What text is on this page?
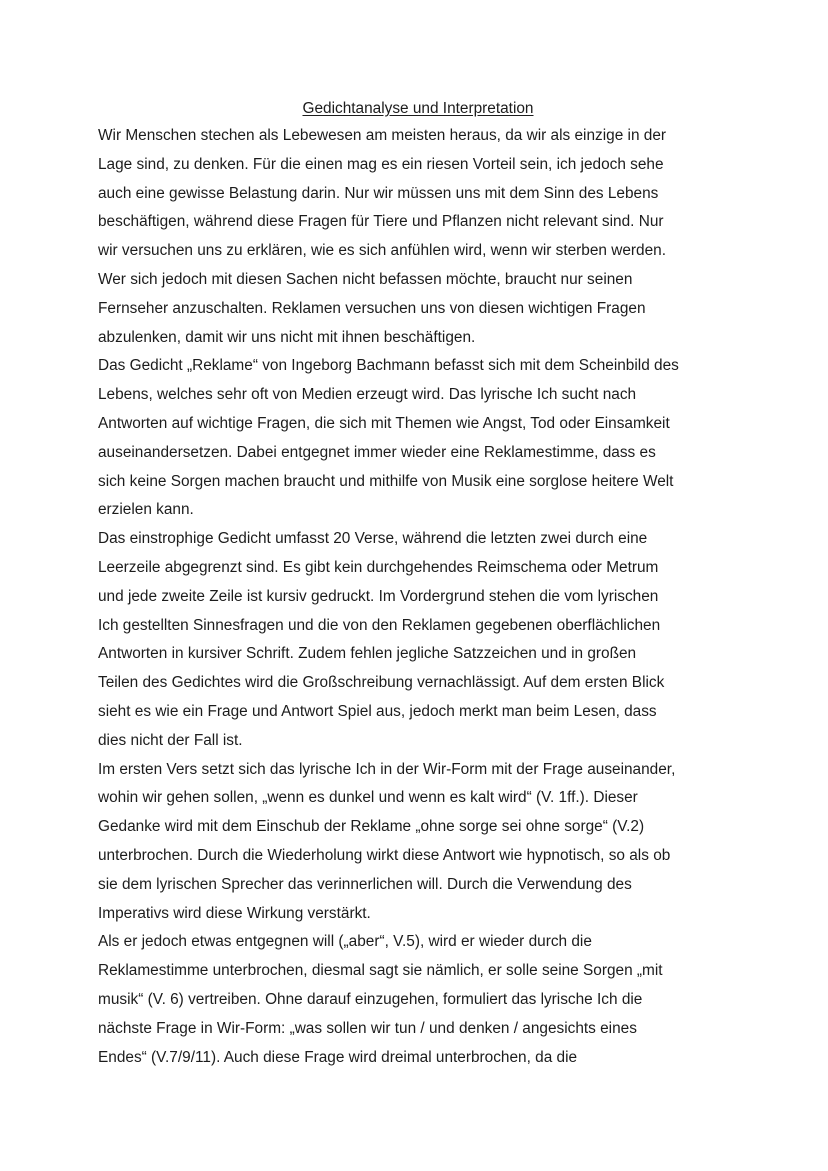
Gedichtanalyse und Interpretation
Wir Menschen stechen als Lebewesen am meisten heraus, da wir als einzige in der
Lage sind, zu denken. Für die einen mag es ein riesen Vorteil sein, ich jedoch sehe
auch eine gewisse Belastung darin. Nur wir müssen uns mit dem Sinn des Lebens
beschäftigen, während diese Fragen für Tiere und Pflanzen nicht relevant sind. Nur
wir versuchen uns zu erklären, wie es sich anfühlen wird, wenn wir sterben werden.
Wer sich jedoch mit diesen Sachen nicht befassen möchte, braucht nur seinen
Fernseher anzuschalten. Reklamen versuchen uns von diesen wichtigen Fragen
abzulenken, damit wir uns nicht mit ihnen beschäftigen.
Das Gedicht „Reklame“ von Ingeborg Bachmann befasst sich mit dem Scheinbild des
Lebens, welches sehr oft von Medien erzeugt wird. Das lyrische Ich sucht nach
Antworten auf wichtige Fragen, die sich mit Themen wie Angst, Tod oder Einsamkeit
auseinandersetzen. Dabei entgegnet immer wieder eine Reklamestimme, dass es
sich keine Sorgen machen braucht und mithilfe von Musik eine sorglose heitere Welt
erzielen kann.
Das einstrophige Gedicht umfasst 20 Verse, während die letzten zwei durch eine
Leerzeile abgegrenzt sind. Es gibt kein durchgehendes Reimschema oder Metrum
und jede zweite Zeile ist kursiv gedruckt. Im Vordergrund stehen die vom lyrischen
Ich gestellten Sinnesfragen und die von den Reklamen gegebenen oberflächlichen
Antworten in kursiver Schrift. Zudem fehlen jegliche Satzzeichen und in großen
Teilen des Gedichtes wird die Großschreibung vernachlässigt. Auf dem ersten Blick
sieht es wie ein Frage und Antwort Spiel aus, jedoch merkt man beim Lesen, dass
dies nicht der Fall ist.
Im ersten Vers setzt sich das lyrische Ich in der Wir-Form mit der Frage auseinander,
wohin wir gehen sollen, „wenn es dunkel und wenn es kalt wird“ (V. 1ff.). Dieser
Gedanke wird mit dem Einschub der Reklame „ohne sorge sei ohne sorge“ (V.2)
unterbrochen. Durch die Wiederholung wirkt diese Antwort wie hypnotisch, so als ob
sie dem lyrischen Sprecher das verinnerlichen will. Durch die Verwendung des
Imperativs wird diese Wirkung verstärkt.
Als er jedoch etwas entgegnen will („aber“, V.5), wird er wieder durch die
Reklamestimme unterbrochen, diesmal sagt sie nämlich, er solle seine Sorgen „mit
musik“ (V. 6) vertreiben. Ohne darauf einzugehen, formuliert das lyrische Ich die
nächste Frage in Wir-Form: „was sollen wir tun / und denken / angesichts eines
Endes“ (V.7/9/11). Auch diese Frage wird dreimal unterbrochen, da die
